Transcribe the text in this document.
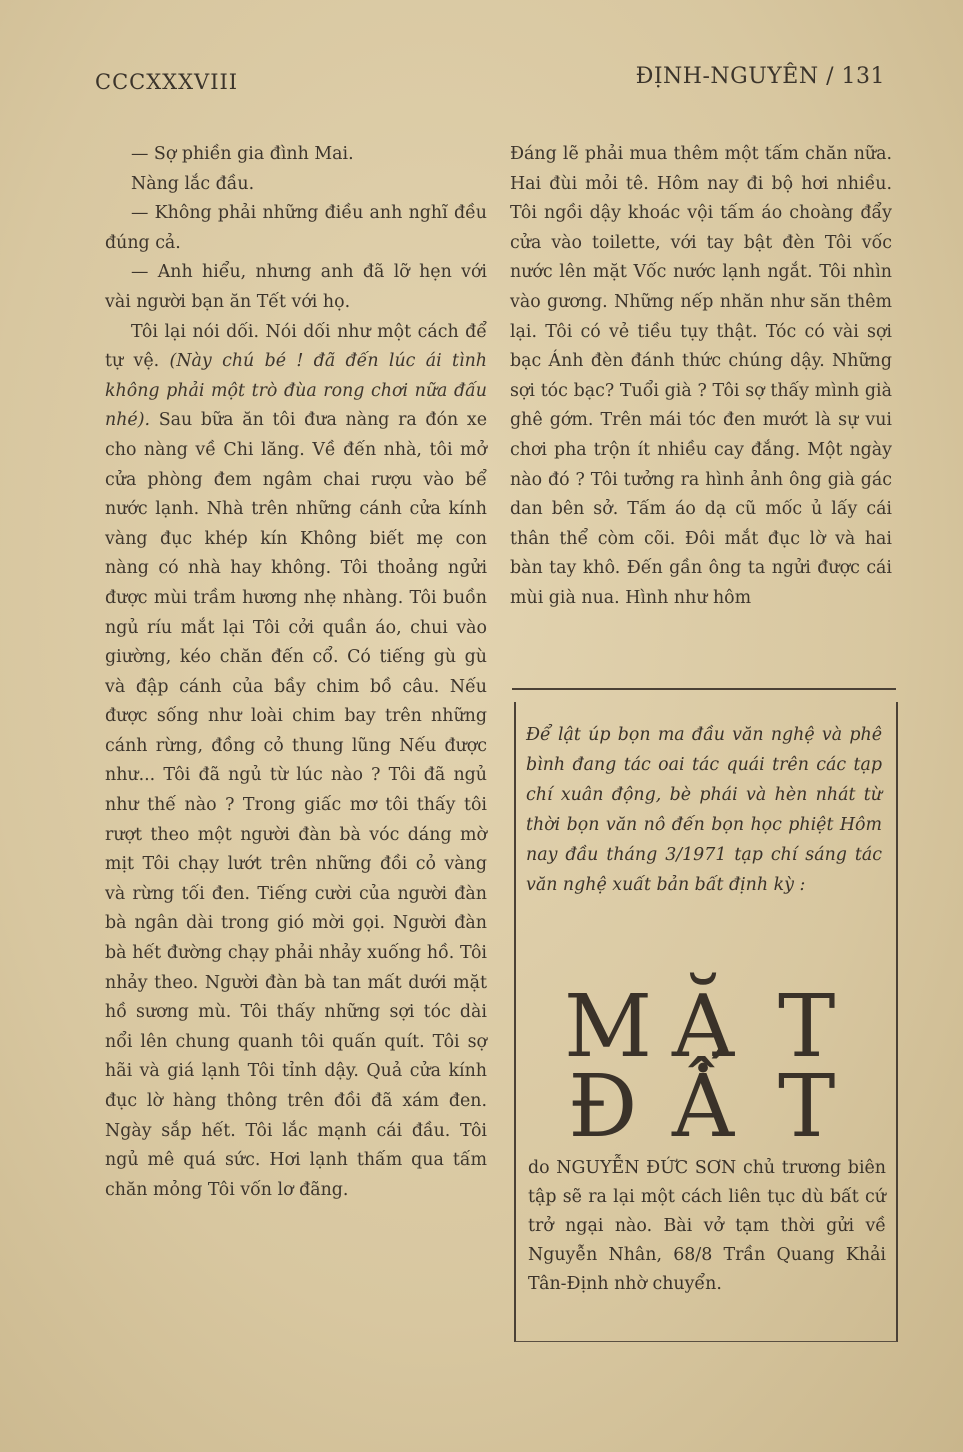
CCCXXXVIII	ĐỊNH-NGUYÊN / 131

— Sợ phiền gia đình Mai.

Nàng lắc đầu.

— Không phải những điều anh nghĩ đều đúng cả.

— Anh hiểu, nhưng anh đã lỡ hẹn với vài người bạn ăn Tết với họ.

Tôi lại nói dối. Nói dối như một cách để tự vệ. (Này chú bé ! đã đến lúc ái tình không phải một trò đùa rong chơi nữa đấu nhé). Sau bữa ăn tôi đưa nàng ra đón xe cho nàng về Chi lăng. Về đến nhà, tôi mở cửa phòng đem ngâm chai rượu vào bể nước lạnh. Nhà trên những cánh cửa kính vàng đục khép kín Không biết mẹ con nàng có nhà hay không. Tôi thoảng ngửi được mùi trầm hương nhẹ nhàng. Tôi buồn ngủ ríu mắt lại Tôi cởi quần áo, chui vào giường, kéo chăn đến cổ. Có tiếng gù gù và đập cánh của bầy chim bồ câu. Nếu được sống như loài chim bay trên những cánh rừng, đồng cỏ thung lũng Nếu được như... Tôi đã ngủ từ lúc nào ? Tôi đã ngủ như thế nào ? Trong giấc mơ tôi thấy tôi rượt theo một người đàn bà vóc dáng mờ mịt Tôi chạy lướt trên những đồi cỏ vàng và rừng tối đen. Tiếng cười của người đàn bà ngân dài trong gió mời gọi. Người đàn bà hết đường chạy phải nhảy xuống hồ. Tôi nhảy theo. Người đàn bà tan mất dưới mặt hồ sương mù. Tôi thấy những sợi tóc dài nổi lên chung quanh tôi quấn quít. Tôi sợ hãi và giá lạnh Tôi tỉnh dậy. Quả cửa kính đục lờ hàng thông trên đồi đã xám đen. Ngày sắp hết. Tôi lắc mạnh cái đầu. Tôi ngủ mê quá sức. Hơi lạnh thấm qua tấm chăn mỏng Tôi vốn lơ đãng.

Đáng lẽ phải mua thêm một tấm chăn nữa. Hai đùi mỏi tê. Hôm nay đi bộ hơi nhiều. Tôi ngồi dậy khoác vội tấm áo choàng đẩy cửa vào toilette, với tay bật đèn Tôi vốc nước lên mặt Vốc nước lạnh ngắt. Tôi nhìn vào gương. Những nếp nhăn như săn thêm lại. Tôi có vẻ tiều tụy thật. Tóc có vài sợi bạc Ánh đèn đánh thức chúng dậy. Những sợi tóc bạc? Tuổi già ? Tôi sợ thấy mình già ghê gớm. Trên mái tóc đen mướt là sự vui chơi pha trộn ít nhiều cay đắng. Một ngày nào đó ? Tôi tưởng ra hình ảnh ông già gác dan bên sở. Tấm áo dạ cũ mốc ủ lấy cái thân thể còm cõi. Đôi mắt đục lờ và hai bàn tay khô. Đến gần ông ta ngửi được cái mùi già nua. Hình như hôm

Để lật úp bọn ma đầu văn nghệ và phê bình đang tác oai tác quái trên các tạp chí xuân động, bè phái và hèn nhát từ thời bọn văn nô đến bọn học phiệt Hôm nay đầu tháng 3/1971 tạp chí sáng tác văn nghệ xuất bản bất định kỳ :
M Ặ T
Đ Ấ T
do NGUYỄN ĐỨC SƠN chủ trương biên tập sẽ ra lại một cách liên tục dù bất cứ trở ngại nào. Bài vở tạm thời gửi về Nguyễn Nhân, 68/8 Trần Quang Khải Tân-Định nhờ chuyển.
